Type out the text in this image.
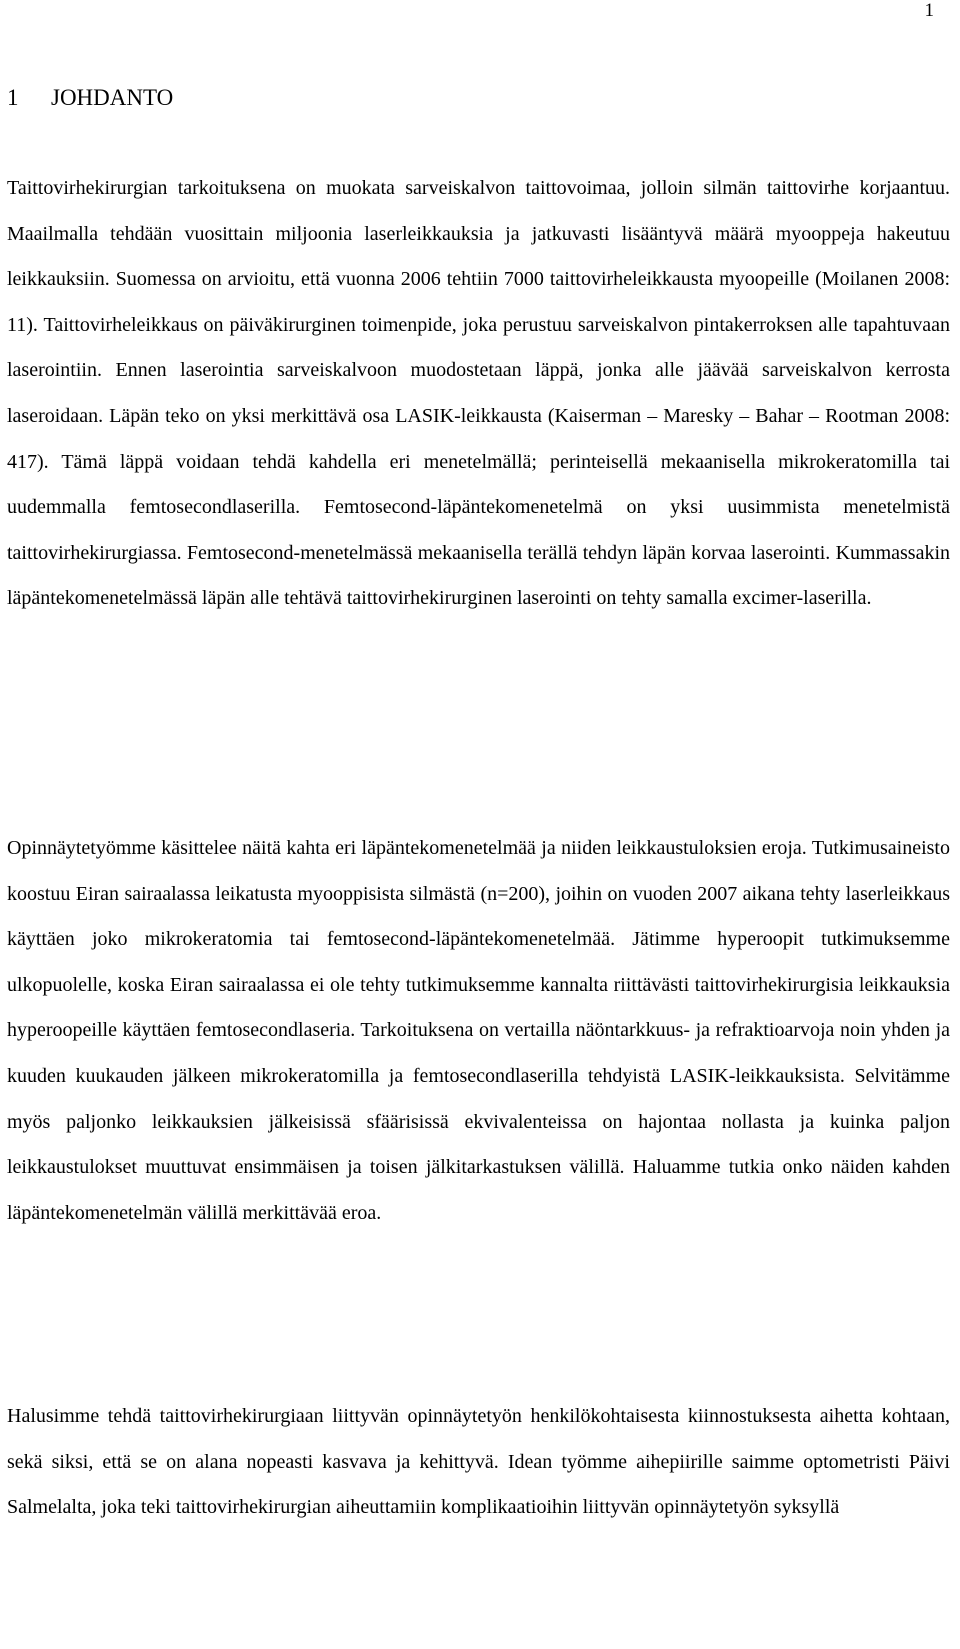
1
1 JOHDANTO

Taittovirhekirurgian tarkoituksena on muokata sarveiskalvon taittovoimaa, jolloin silmän taittovirhe korjaantuu. Maailmalla tehdään vuosittain miljoonia laserleikkauksia ja jatkuvasti lisääntyvä määrä myooppeja hakeutuu leikkauksiin. Suomessa on arvioitu, että vuonna 2006 tehtiin 7000 taittovirheleikkausta myoopeille (Moilanen 2008: 11). Taittovirheleikkaus on päiväkirurginen toimenpide, joka perustuu sarveiskalvon pintakerroksen alle tapahtuvaan laserointiin. Ennen laserointia sarveiskalvoon muodostetaan läppä, jonka alle jäävää sarveiskalvon kerrosta laseroidaan. Läpän teko on yksi merkittävä osa LASIK-leikkausta (Kaiserman – Maresky – Bahar – Rootman 2008: 417). Tämä läppä voidaan tehdä kahdella eri menetelmällä; perinteisellä mekaanisella mikrokeratomilla tai uudemmalla femtosecondlaserilla. Femtosecond-läpäntekomenetelmä on yksi uusimmista menetelmistä taittovirhekirurgiassa. Femtosecond-menetelmässä mekaanisella terällä tehdyn läpän korvaa laserointi. Kummassakin läpäntekomenetelmässä läpän alle tehtävä taittovirhekirurginen laserointi on tehty samalla excimer-laserilla.

Opinnäytetyömme käsittelee näitä kahta eri läpäntekomenetelmää ja niiden leikkaustuloksien eroja. Tutkimusaineisto koostuu Eiran sairaalassa leikatusta myooppisista silmästä (n=200), joihin on vuoden 2007 aikana tehty laserleikkaus käyttäen joko mikrokeratomia tai femtosecond-läpäntekomenetelmää. Jätimme hyperoopit tutkimuksemme ulkopuolelle, koska Eiran sairaalassa ei ole tehty tutkimuksemme kannalta riittävästi taittovirhekirurgisia leikkauksia hyperoopeille käyttäen femtosecondlaseria. Tarkoituksena on vertailla näöntarkkuus- ja refraktioarvoja noin yhden ja kuuden kuukauden jälkeen mikrokeratomilla ja femtosecondlaserilla tehdyistä LASIK-leikkauksista. Selvitämme myös paljonko leikkauksien jälkeisissä sfäärisissä ekvivalenteissa on hajontaa nollasta ja kuinka paljon leikkaustulokset muuttuvat ensimmäisen ja toisen jälkitarkastuksen välillä. Haluamme tutkia onko näiden kahden läpäntekomenetelmän välillä merkittävää eroa.

Halusimme tehdä taittovirhekirurgiaan liittyvän opinnäytetyön henkilökohtaisesta kiinnostuksesta aihetta kohtaan, sekä siksi, että se on alana nopeasti kasvava ja kehittyvä. Idean työmme aihepiirille saimme optometristi Päivi Salmelalta, joka teki taittovirhekirurgian aiheuttamiin komplikaatioihin liittyvän opinnäytetyön syksyllä
